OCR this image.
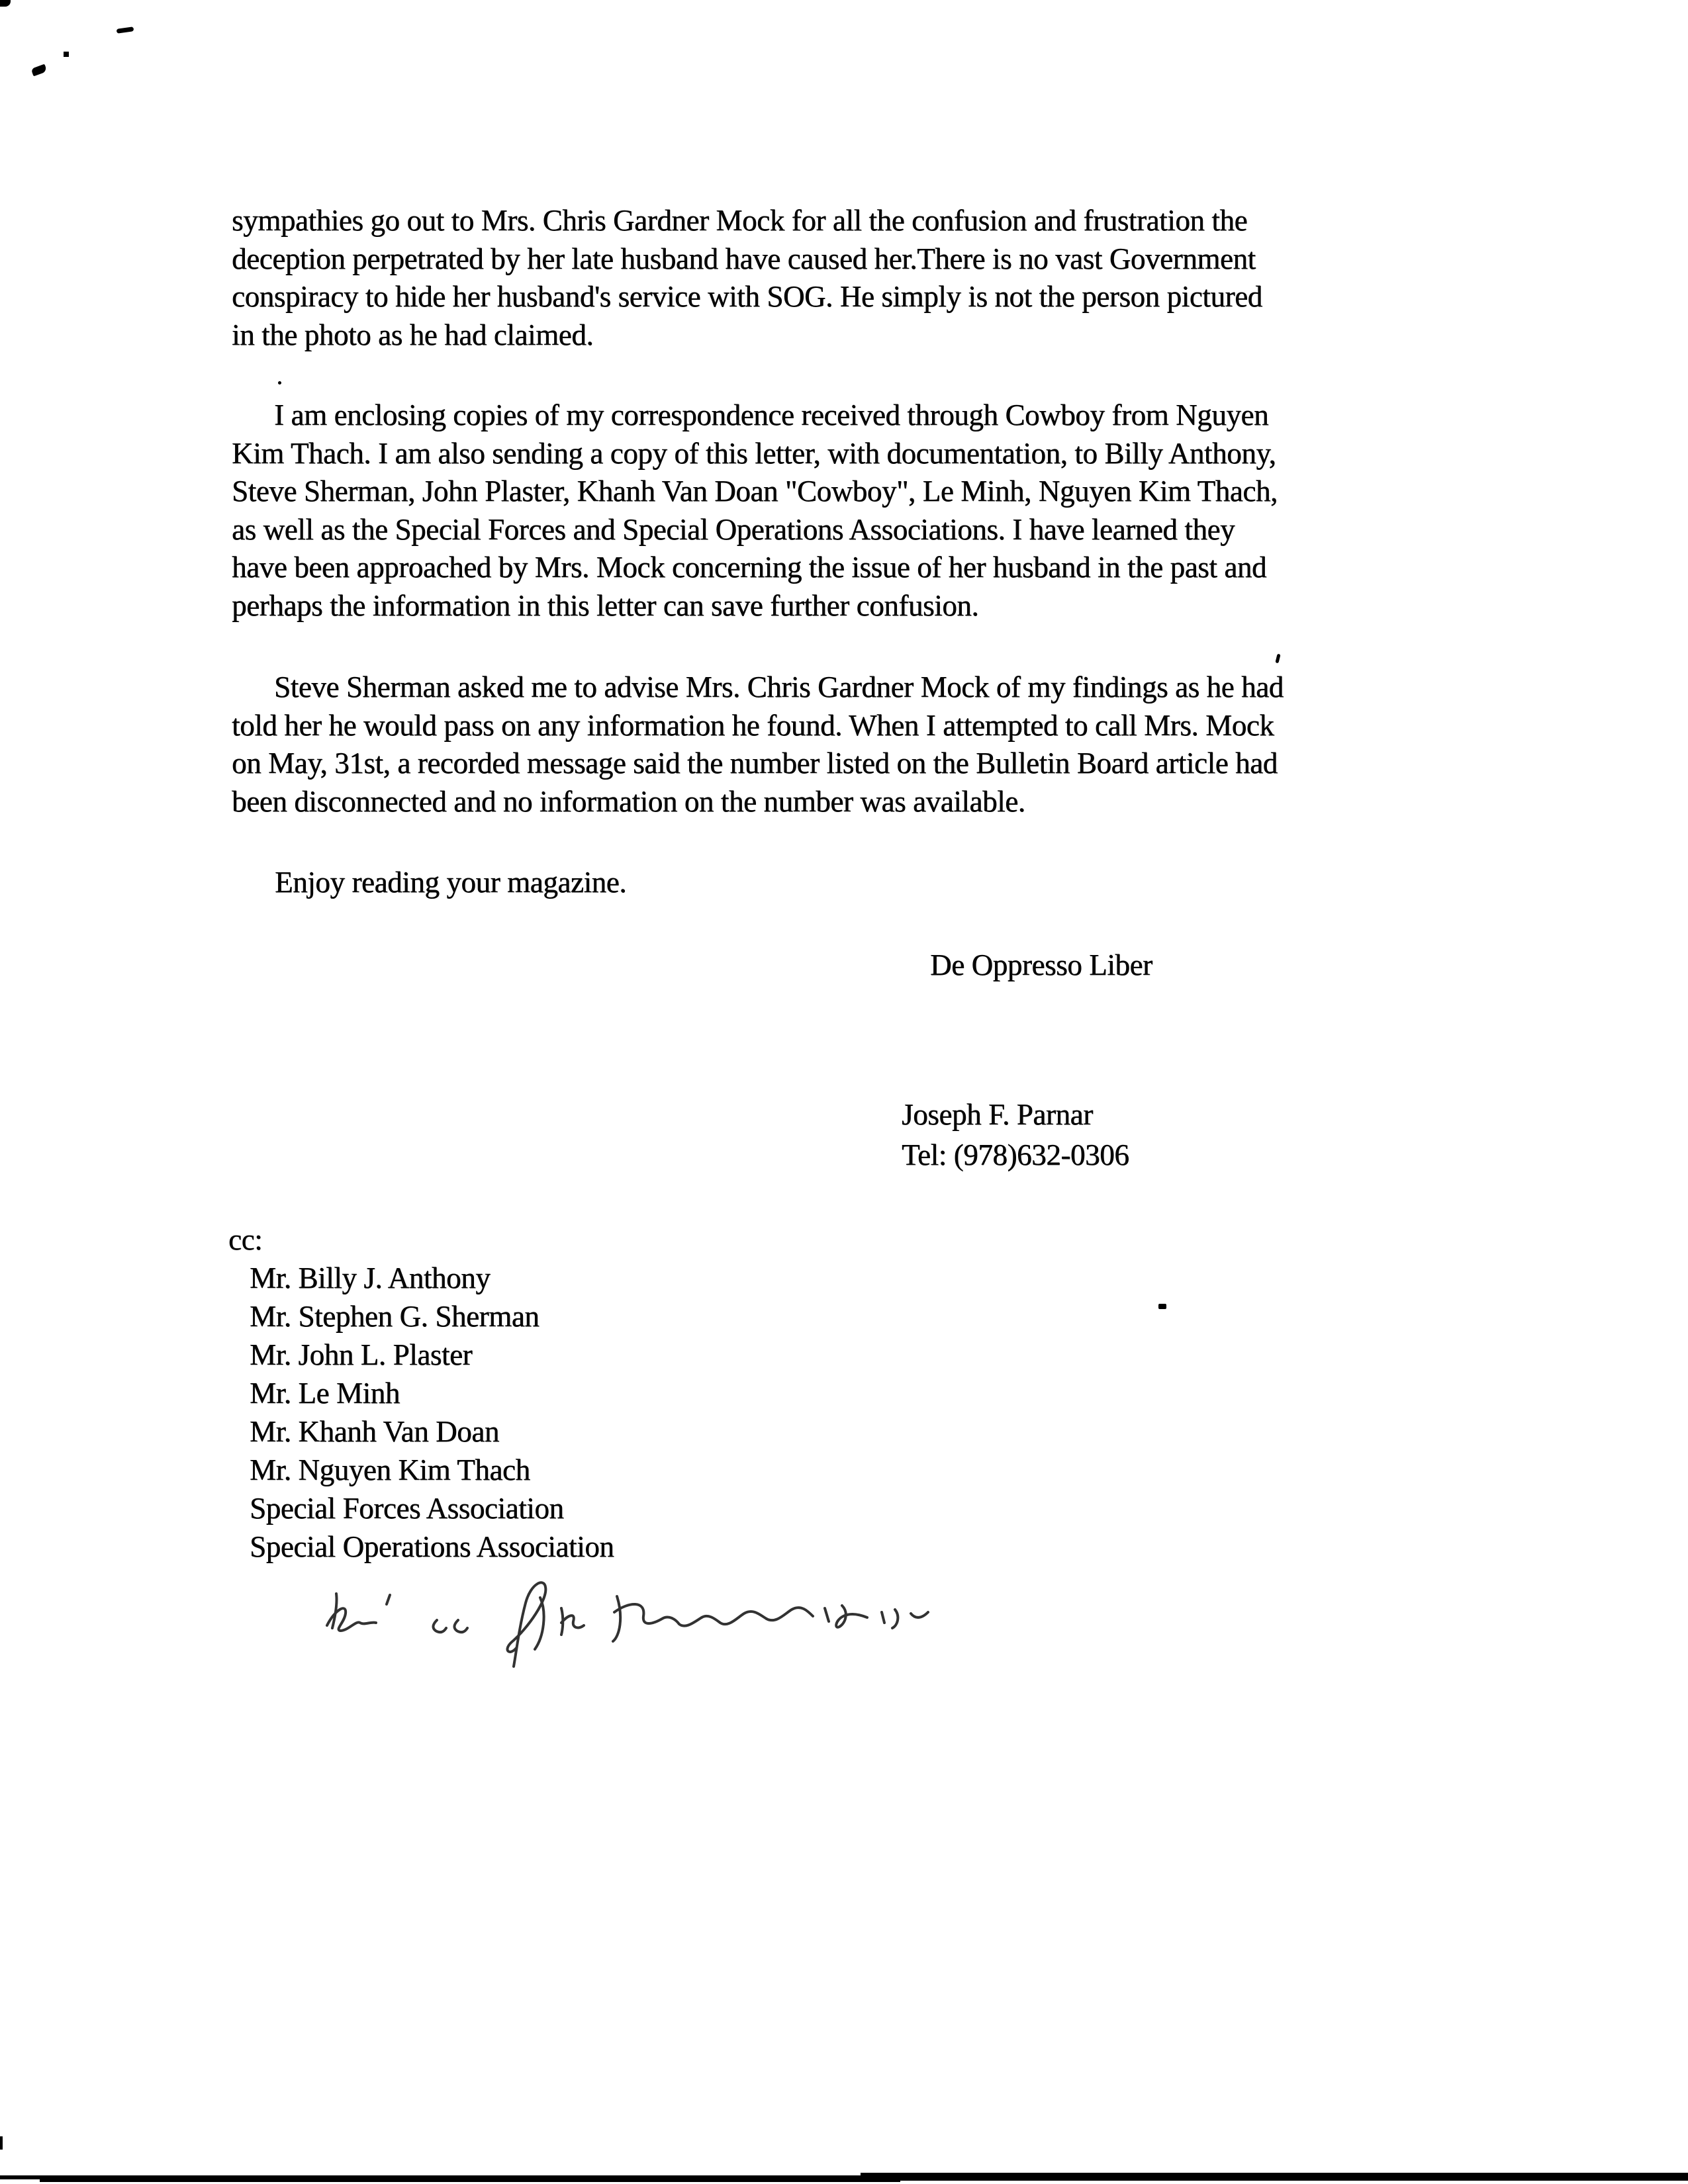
sympathies go out to Mrs. Chris Gardner Mock for all the confusion and frustration the
deception perpetrated by her late husband have caused her.There is no vast Government
conspiracy to hide her husband's service with SOG. He simply is not the person pictured
in the photo as he had claimed.
I am enclosing copies of my correspondence received through Cowboy from Nguyen
Kim Thach. I am also sending a copy of this letter, with documentation, to Billy Anthony,
Steve Sherman, John Plaster, Khanh Van Doan "Cowboy", Le Minh, Nguyen Kim Thach,
as well as the Special Forces and Special Operations Associations. I have learned they
have been approached by Mrs. Mock concerning the issue of her husband in the past and
perhaps the information in this letter can save further confusion.
Steve Sherman asked me to advise Mrs. Chris Gardner Mock of my findings as he had
told her he would pass on any information he found. When I attempted to call Mrs. Mock
on May, 31st, a recorded message said the number listed on the Bulletin Board article had
been disconnected and no information on the number was available.
Enjoy reading your magazine.
De Oppresso Liber
Joseph F. Parnar
Tel: (978)632-0306
cc:
Mr. Billy J. Anthony
Mr. Stephen G. Sherman
Mr. John L. Plaster
Mr. Le Minh
Mr. Khanh Van Doan
Mr. Nguyen Kim Thach
Special Forces Association
Special Operations Association
